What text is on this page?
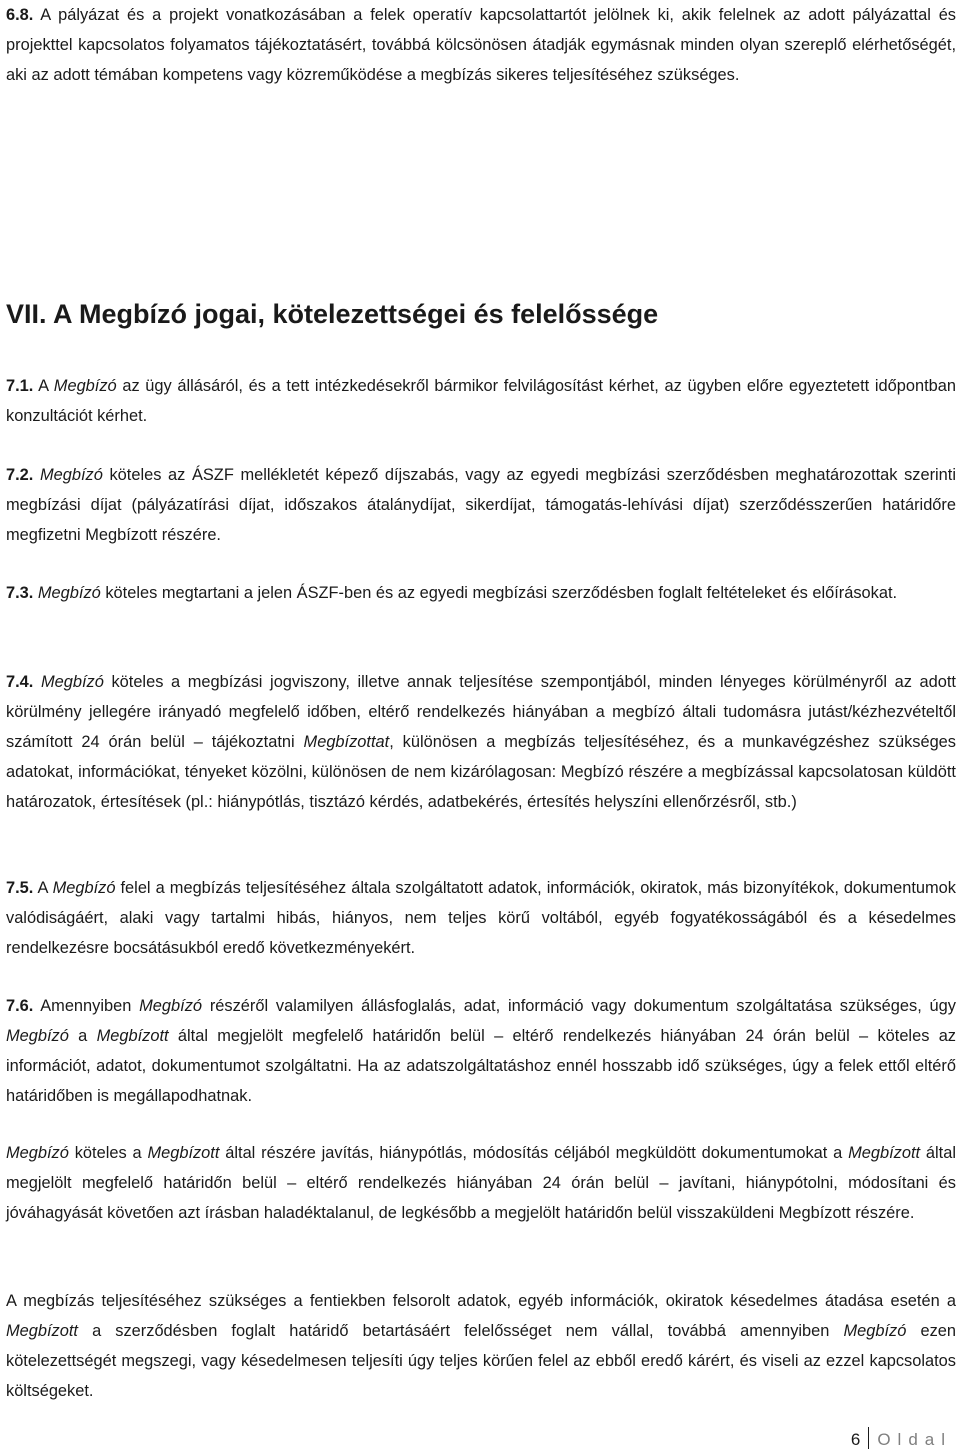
6.8. A pályázat és a projekt vonatkozásában a felek operatív kapcsolattartót jelölnek ki, akik felelnek az adott pályázattal és projekttel kapcsolatos folyamatos tájékoztatásért, továbbá kölcsönösen átadják egymásnak minden olyan szereplő elérhetőségét, aki az adott témában kompetens vagy közreműködése a megbízás sikeres teljesítéséhez szükséges.

VII. A Megbízó jogai, kötelezettségei és felelőssége

7.1. A Megbízó az ügy állásáról, és a tett intézkedésekről bármikor felvilágosítást kérhet, az ügyben előre egyeztetett időpontban konzultációt kérhet.

7.2. Megbízó köteles az ÁSZF mellékletét képező díjszabás, vagy az egyedi megbízási szerződésben meghatározottak szerinti megbízási díjat (pályázatírási díjat, időszakos átalánydíjat, sikerdíjat, támogatás-lehívási díjat) szerződésszerűen határidőre megfizetni Megbízott részére.

7.3. Megbízó köteles megtartani a jelen ÁSZF-ben és az egyedi megbízási szerződésben foglalt feltételeket és előírásokat.

7.4. Megbízó köteles a megbízási jogviszony, illetve annak teljesítése szempontjából, minden lényeges körülményről az adott körülmény jellegére irányadó megfelelő időben, eltérő rendelkezés hiányában a megbízó általi tudomásra jutást/kézhezvételtől számított 24 órán belül – tájékoztatni Megbízottat, különösen a megbízás teljesítéséhez, és a munkavégzéshez szükséges adatokat, információkat, tényeket közölni, különösen de nem kizárólagosan: Megbízó részére a megbízással kapcsolatosan küldött határozatok, értesítések (pl.: hiánypótlás, tisztázó kérdés, adatbekérés, értesítés helyszíni ellenőrzésről, stb.)

7.5. A Megbízó felel a megbízás teljesítéséhez általa szolgáltatott adatok, információk, okiratok, más bizonyítékok, dokumentumok valódiságáért, alaki vagy tartalmi hibás, hiányos, nem teljes körű voltából, egyéb fogyatékosságából és a késedelmes rendelkezésre bocsátásukból eredő következményekért.

7.6. Amennyiben Megbízó részéről valamilyen állásfoglalás, adat, információ vagy dokumentum szolgáltatása szükséges, úgy Megbízó a Megbízott által megjelölt megfelelő határidőn belül – eltérő rendelkezés hiányában 24 órán belül – köteles az információt, adatot, dokumentumot szolgáltatni. Ha az adatszolgáltatáshoz ennél hosszabb idő szükséges, úgy a felek ettől eltérő határidőben is megállapodhatnak.

Megbízó köteles a Megbízott által részére javítás, hiánypótlás, módosítás céljából megküldött dokumentumokat a Megbízott által megjelölt megfelelő határidőn belül – eltérő rendelkezés hiányában 24 órán belül – javítani, hiánypótolni, módosítani és jóváhagyását követően azt írásban haladéktalanul, de legkésőbb a megjelölt határidőn belül visszaküldeni Megbízott részére.

A megbízás teljesítéséhez szükséges a fentiekben felsorolt adatok, egyéb információk, okiratok késedelmes átadása esetén a Megbízott a szerződésben foglalt határidő betartásáért felelősséget nem vállal, továbbá amennyiben Megbízó ezen kötelezettségét megszegi, vagy késedelmesen teljesíti úgy teljes körűen felel az ebből eredő kárért, és viseli az ezzel kapcsolatos költségeket.

6 Oldal
